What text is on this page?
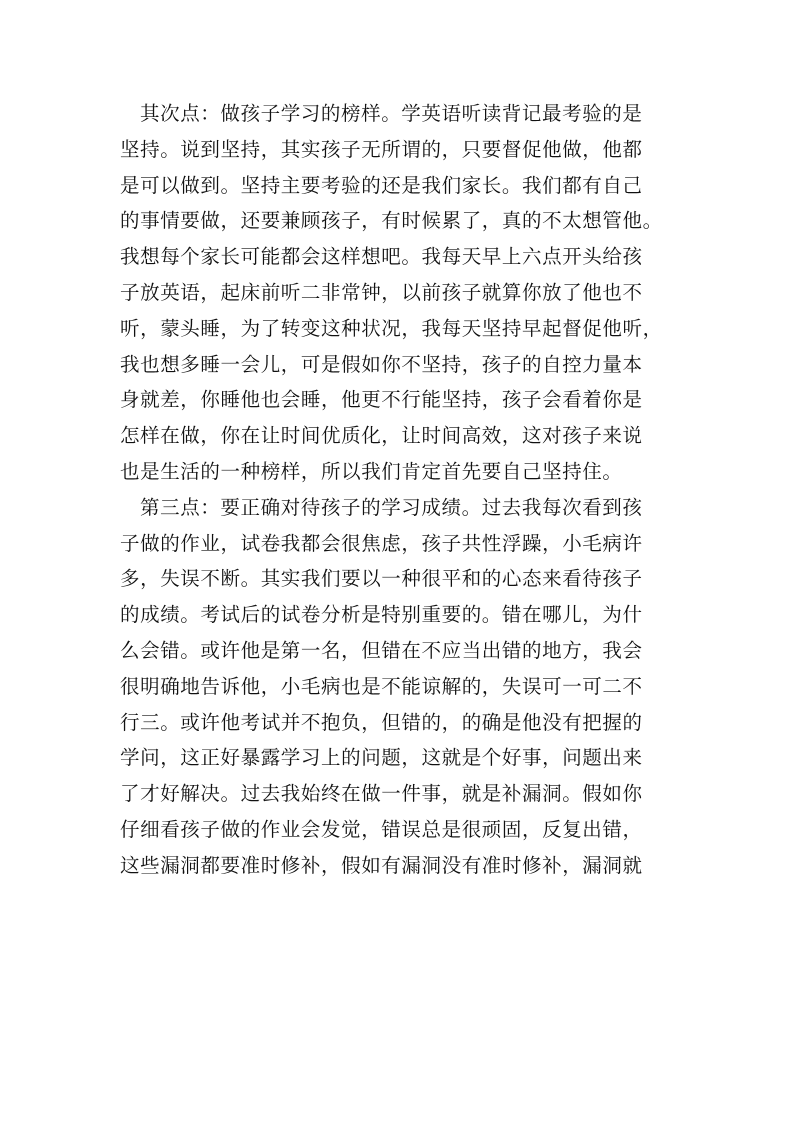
其次点：做孩子学习的榜样。学英语听读背记最考验的是
坚持。说到坚持，其实孩子无所谓的，只要督促他做，他都
是可以做到。坚持主要考验的还是我们家长。我们都有自己
的事情要做，还要兼顾孩子，有时候累了，真的不太想管他。
我想每个家长可能都会这样想吧。我每天早上六点开头给孩
子放英语，起床前听二非常钟，以前孩子就算你放了他也不
听，蒙头睡，为了转变这种状况，我每天坚持早起督促他听，
我也想多睡一会儿，可是假如你不坚持，孩子的自控力量本
身就差，你睡他也会睡，他更不行能坚持，孩子会看着你是
怎样在做，你在让时间优质化，让时间高效，这对孩子来说
也是生活的一种榜样，所以我们肯定首先要自己坚持住。
第三点：要正确对待孩子的学习成绩。过去我每次看到孩
子做的作业，试卷我都会很焦虑，孩子共性浮躁，小毛病许
多，失误不断。其实我们要以一种很平和的心态来看待孩子
的成绩。考试后的试卷分析是特别重要的。错在哪儿，为什
么会错。或许他是第一名，但错在不应当出错的地方，我会
很明确地告诉他，小毛病也是不能谅解的，失误可一可二不
行三。或许他考试并不抱负，但错的，的确是他没有把握的
学问，这正好暴露学习上的问题，这就是个好事，问题出来
了才好解决。过去我始终在做一件事，就是补漏洞。假如你
仔细看孩子做的作业会发觉，错误总是很顽固，反复出错，
这些漏洞都要准时修补，假如有漏洞没有准时修补，漏洞就
